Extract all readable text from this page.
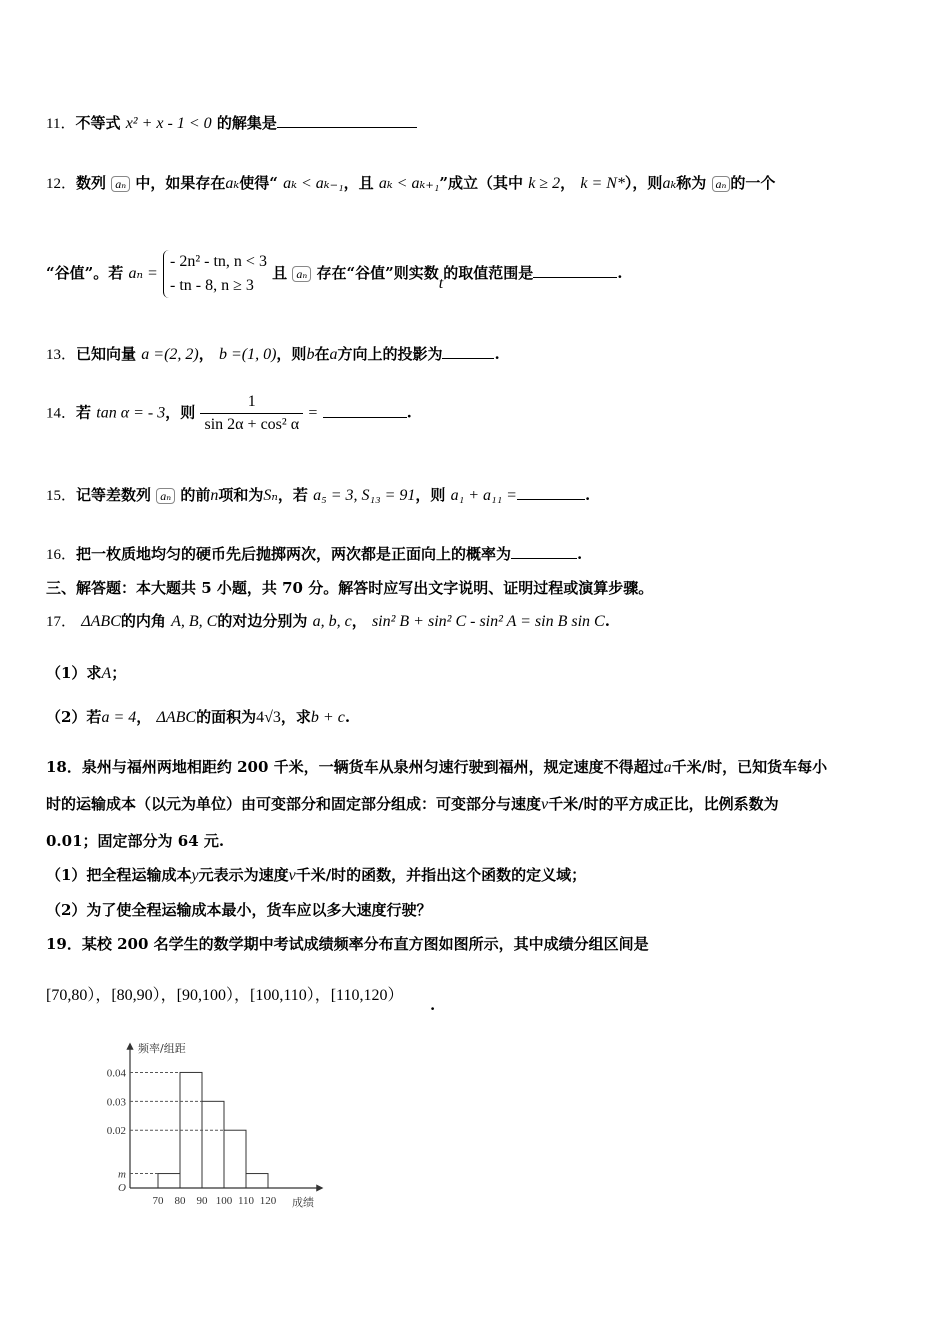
11．不等式 x² + x - 1 < 0 的解集是
12．数列 aₙ 中，如果存在aₖ使得“ aₖ < aₖ₋₁，且 aₖ < aₖ₊₁”成立（其中 k ≥ 2， k = N*），则aₖ称为 aₙ 的一个
“谷值”。若 aₙ =
- 2n² - tn, n < 3
- tn - 8, n ≥ 3
且 aₙ 存在“谷值”则实数t的取值范围是	.
13．已知向量 a =(2, 2)， b =(1, 0)，则b在a方向上的投影为	.
14．若 tan α = - 3，则 $\frac{1}{\text{sin 2α + cos² α}}$ =	.
15．记等差数列 aₙ 的前n项和为Sₙ，若 a₅ = 3, S₁₃ = 91，则 a₁ + a₁₁ =	.
16．把一枚质地均匀的硬币先后抛掷两次，两次都是正面向上的概率为	.
三、解答题：本大题共 5 小题，共 70 分。解答时应写出文字说明、证明过程或演算步骤。
17． ΔABC的内角 A, B, C的对边分别为 a, b, c， sin² B + sin² C - sin² A = sin B sin C.
（1）求A；
（2）若a = 4， ΔABC的面积为4√3，求b + c.
18．泉州与福州两地相距约 200 千米，一辆货车从泉州匀速行驶到福州，规定速度不得超过a千米/时，已知货车每小
时的运输成本（以元为单位）由可变部分和固定部分组成：可变部分与速度v千米/时的平方成正比，比例系数为
0.01；固定部分为 64 元.
（1）把全程运输成本y元表示为速度v千米/时的函数，并指出这个函数的定义域；
（2）为了使全程运输成本最小，货车应以多大速度行驶？
19．某校 200 名学生的数学期中考试成绩频率分布直方图如图所示，其中成绩分组区间是
[70,80），[80,90），[90,100），[100,110），[110,120）
.
频率/组距
成绩
O
m
0.02
0.03
0.04
70 80 90 100 110 120
